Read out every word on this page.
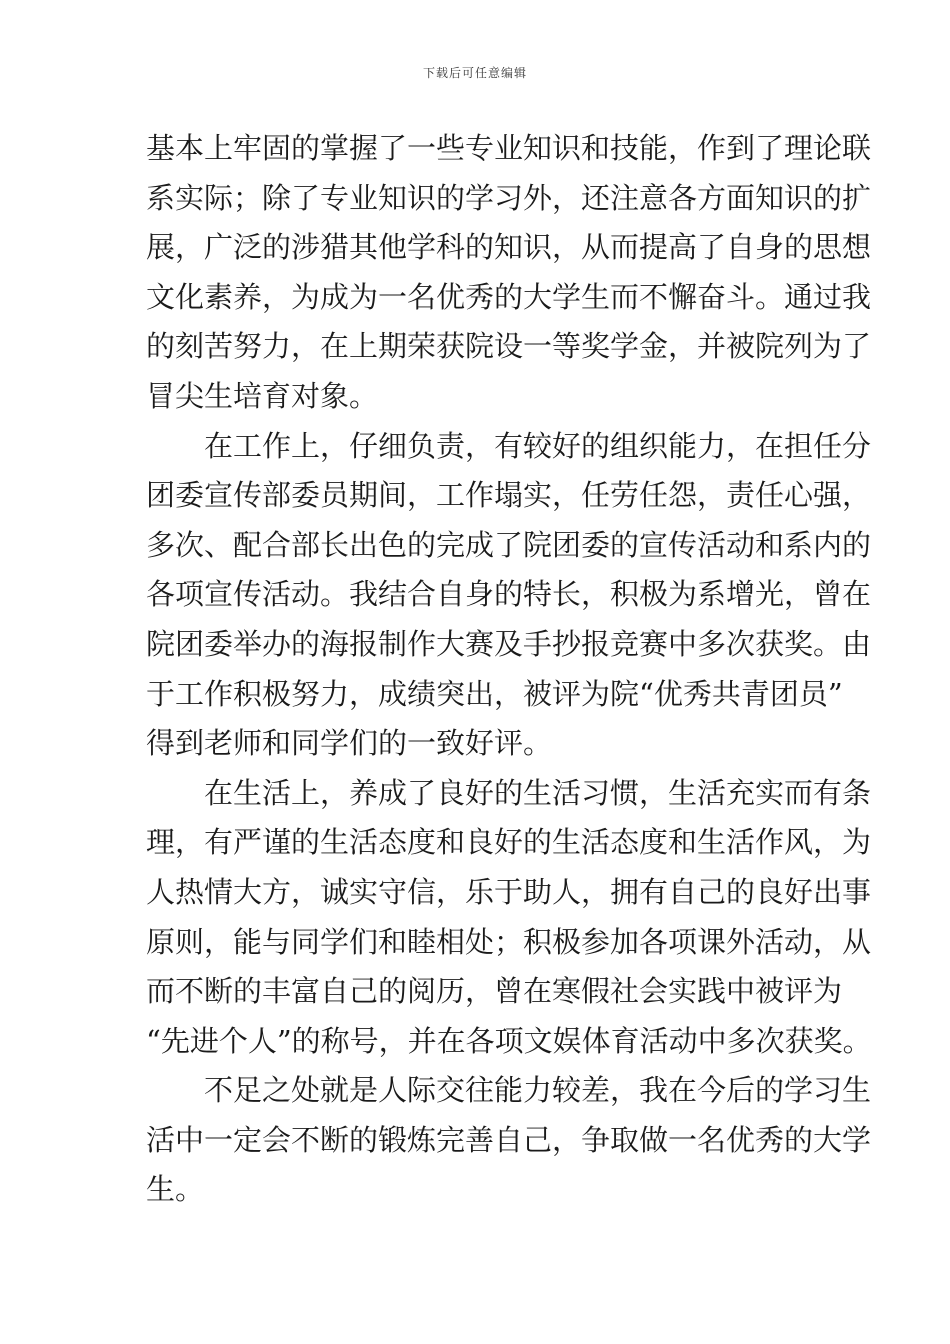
下载后可任意编辑
基本上牢固的掌握了一些专业知识和技能，作到了理论联
系实际；除了专业知识的学习外，还注意各方面知识的扩
展，广泛的涉猎其他学科的知识，从而提高了自身的思想
文化素养，为成为一名优秀的大学生而不懈奋斗。通过我
的刻苦努力，在上期荣获院设一等奖学金，并被院列为了
冒尖生培育对象。
在工作上，仔细负责，有较好的组织能力，在担任分
团委宣传部委员期间，工作塌实，任劳任怨，责任心强，
多次、配合部长出色的完成了院团委的宣传活动和系内的
各项宣传活动。我结合自身的特长，积极为系增光，曾在
院团委举办的海报制作大赛及手抄报竞赛中多次获奖。由
于工作积极努力，成绩突出，被评为院“优秀共青团员”
得到老师和同学们的一致好评。
在生活上，养成了良好的生活习惯，生活充实而有条
理，有严谨的生活态度和良好的生活态度和生活作风，为
人热情大方，诚实守信，乐于助人，拥有自己的良好出事
原则，能与同学们和睦相处；积极参加各项课外活动，从
而不断的丰富自己的阅历，曾在寒假社会实践中被评为
“先进个人”的称号，并在各项文娱体育活动中多次获奖。
不足之处就是人际交往能力较差，我在今后的学习生
活中一定会不断的锻炼完善自己，争取做一名优秀的大学
生。
